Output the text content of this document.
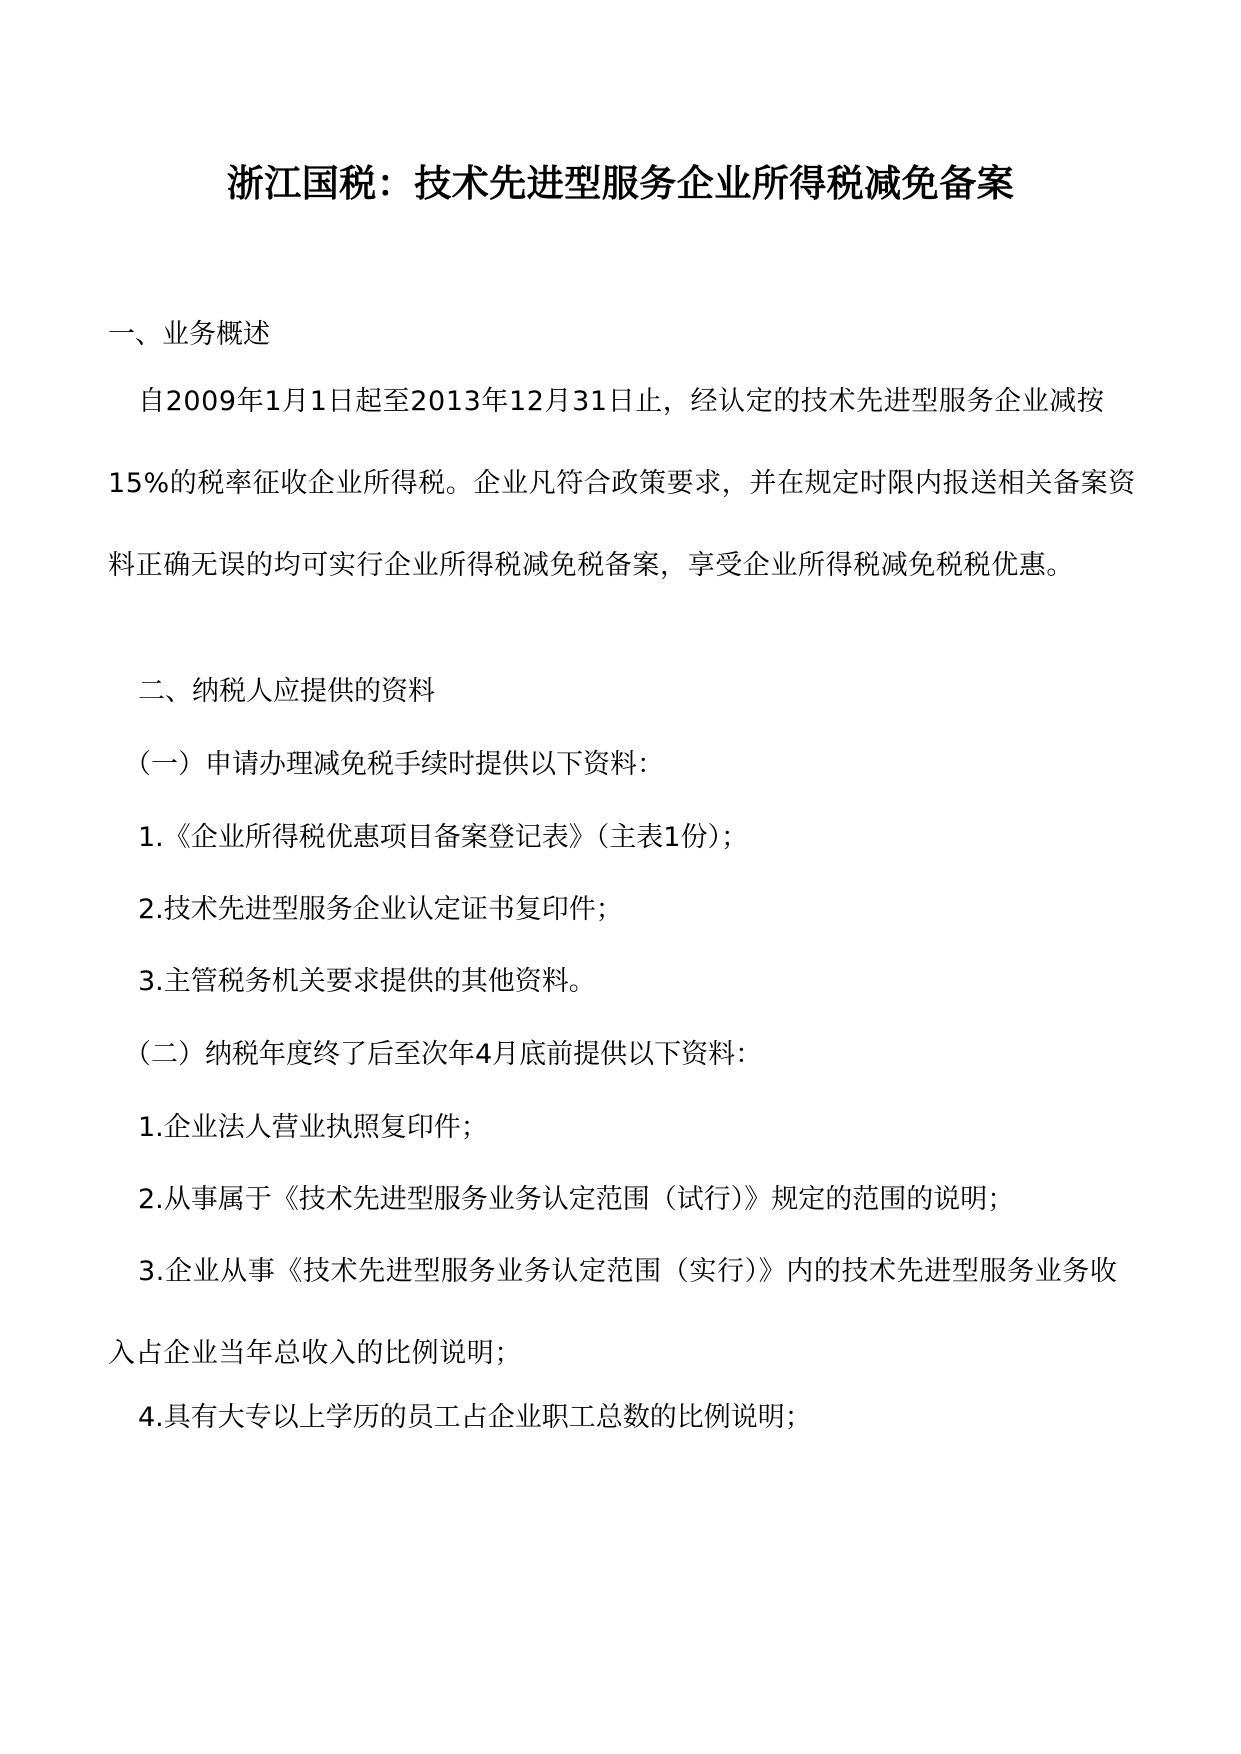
浙江国税：技术先进型服务企业所得税减免备案
一、业务概述
自2009年1月1日起至2013年12月31日止，经认定的技术先进型服务企业减按15%的税率征收企业所得税。企业凡符合政策要求，并在规定时限内报送相关备案资料正确无误的均可实行企业所得税减免税备案，享受企业所得税减免税税优惠。
二、纳税人应提供的资料
（一）申请办理减免税手续时提供以下资料：
1.《企业所得税优惠项目备案登记表》（主表1份）；
2.技术先进型服务企业认定证书复印件；
3.主管税务机关要求提供的其他资料。
（二）纳税年度终了后至次年4月底前提供以下资料：
1.企业法人营业执照复印件；
2.从事属于《技术先进型服务业务认定范围（试行）》规定的范围的说明；
3.企业从事《技术先进型服务业务认定范围（实行）》内的技术先进型服务业务收入占企业当年总收入的比例说明；
4.具有大专以上学历的员工占企业职工总数的比例说明；
